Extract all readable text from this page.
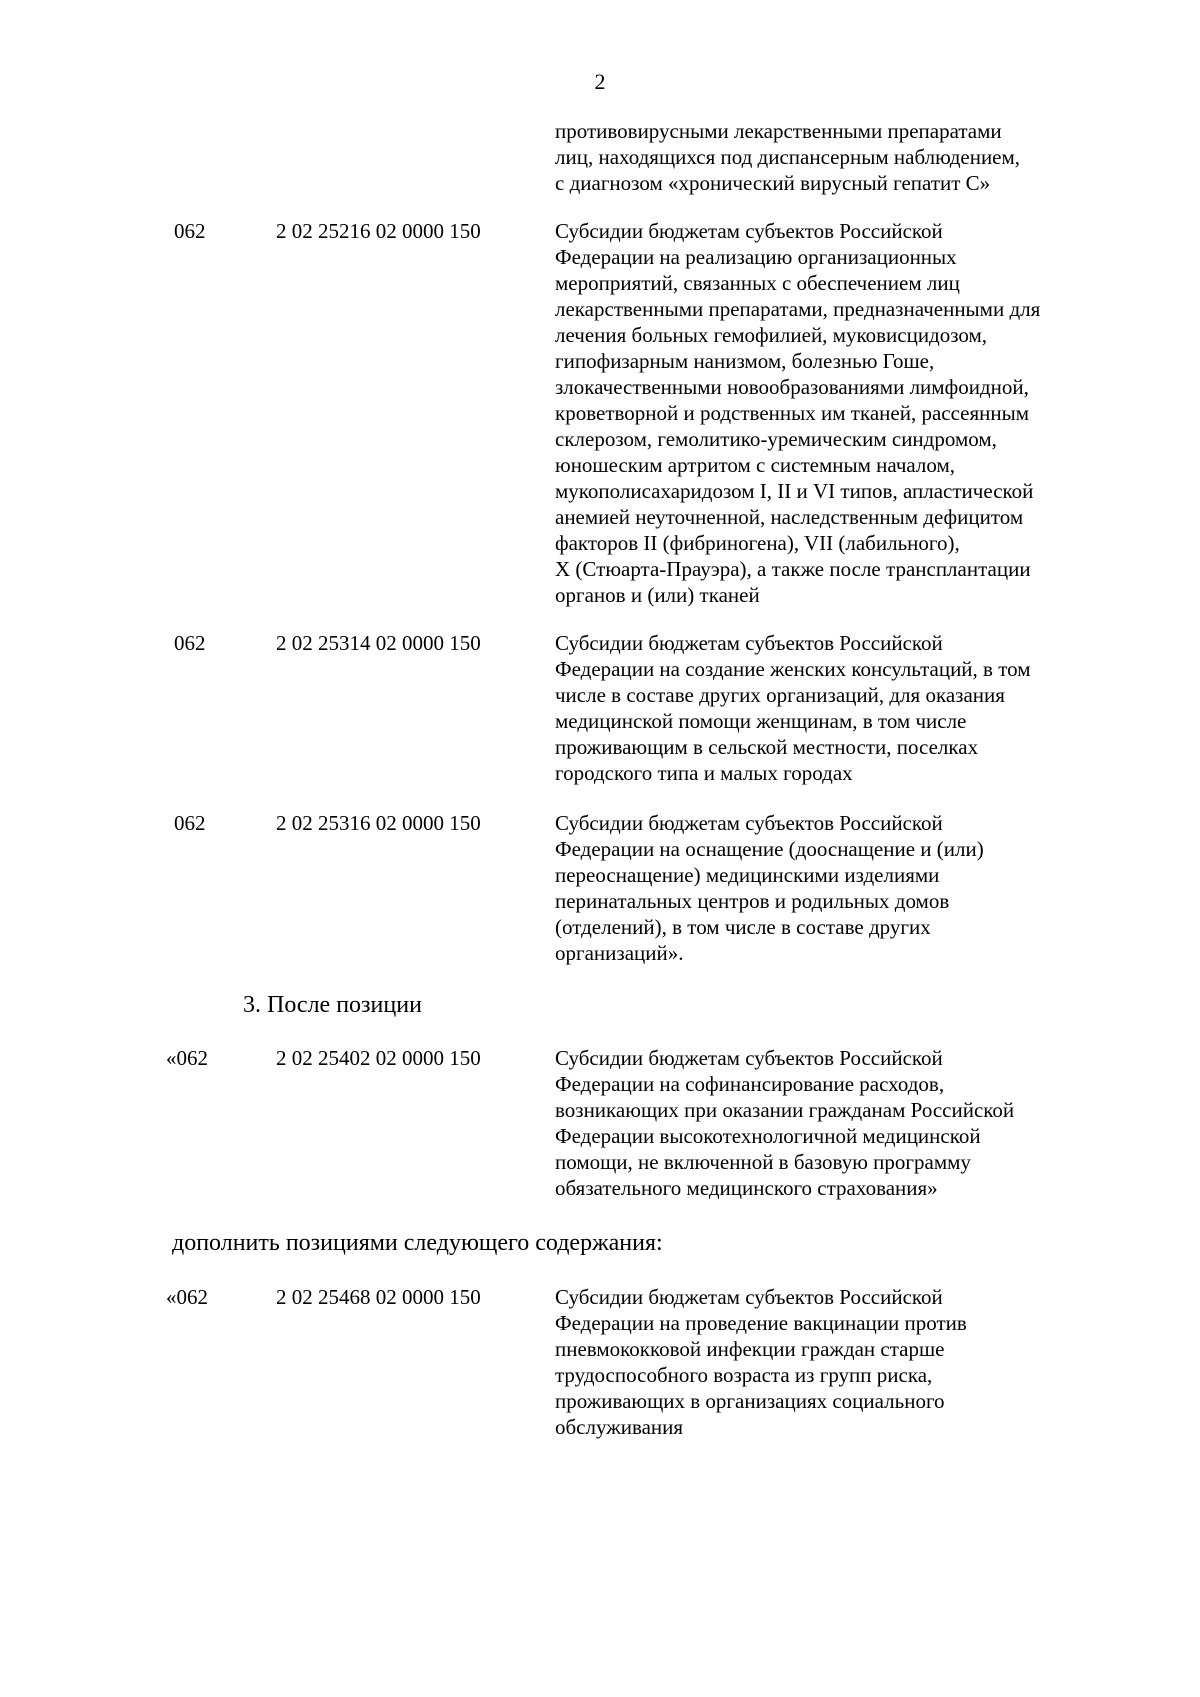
2
противовирусными лекарственными препаратами
лиц, находящихся под диспансерным наблюдением,
с диагнозом «хронический вирусный гепатит С»
062	2 02 25216 02 0000 150	Субсидии бюджетам субъектов Российской
Федерации на реализацию организационных
мероприятий, связанных с обеспечением лиц
лекарственными препаратами, предназначенными для
лечения больных гемофилией, муковисцидозом,
гипофизарным нанизмом, болезнью Гоше,
злокачественными новообразованиями лимфоидной,
кроветворной и родственных им тканей, рассеянным
склерозом, гемолитико-уремическим синдромом,
юношеским артритом с системным началом,
мукополисахаридозом I, II и VI типов, апластической
анемией неуточненной, наследственным дефицитом
факторов II (фибриногена), VII (лабильного),
X (Стюарта-Прауэра), а также после трансплантации
органов и (или) тканей
062	2 02 25314 02 0000 150	Субсидии бюджетам субъектов Российской
Федерации на создание женских консультаций, в том
числе в составе других организаций, для оказания
медицинской помощи женщинам, в том числе
проживающим в сельской местности, поселках
городского типа и малых городах
062	2 02 25316 02 0000 150	Субсидии бюджетам субъектов Российской
Федерации на оснащение (дооснащение и (или)
переоснащение) медицинскими изделиями
перинатальных центров и родильных домов
(отделений), в том числе в составе других
организаций».
3. После позиции
«062	2 02 25402 02 0000 150	Субсидии бюджетам субъектов Российской
Федерации на софинансирование расходов,
возникающих при оказании гражданам Российской
Федерации высокотехнологичной медицинской
помощи, не включенной в базовую программу
обязательного медицинского страхования»
дополнить позициями следующего содержания:
«062	2 02 25468 02 0000 150	Субсидии бюджетам субъектов Российской
Федерации на проведение вакцинации против
пневмококковой инфекции граждан старше
трудоспособного возраста из групп риска,
проживающих в организациях социального
обслуживания
